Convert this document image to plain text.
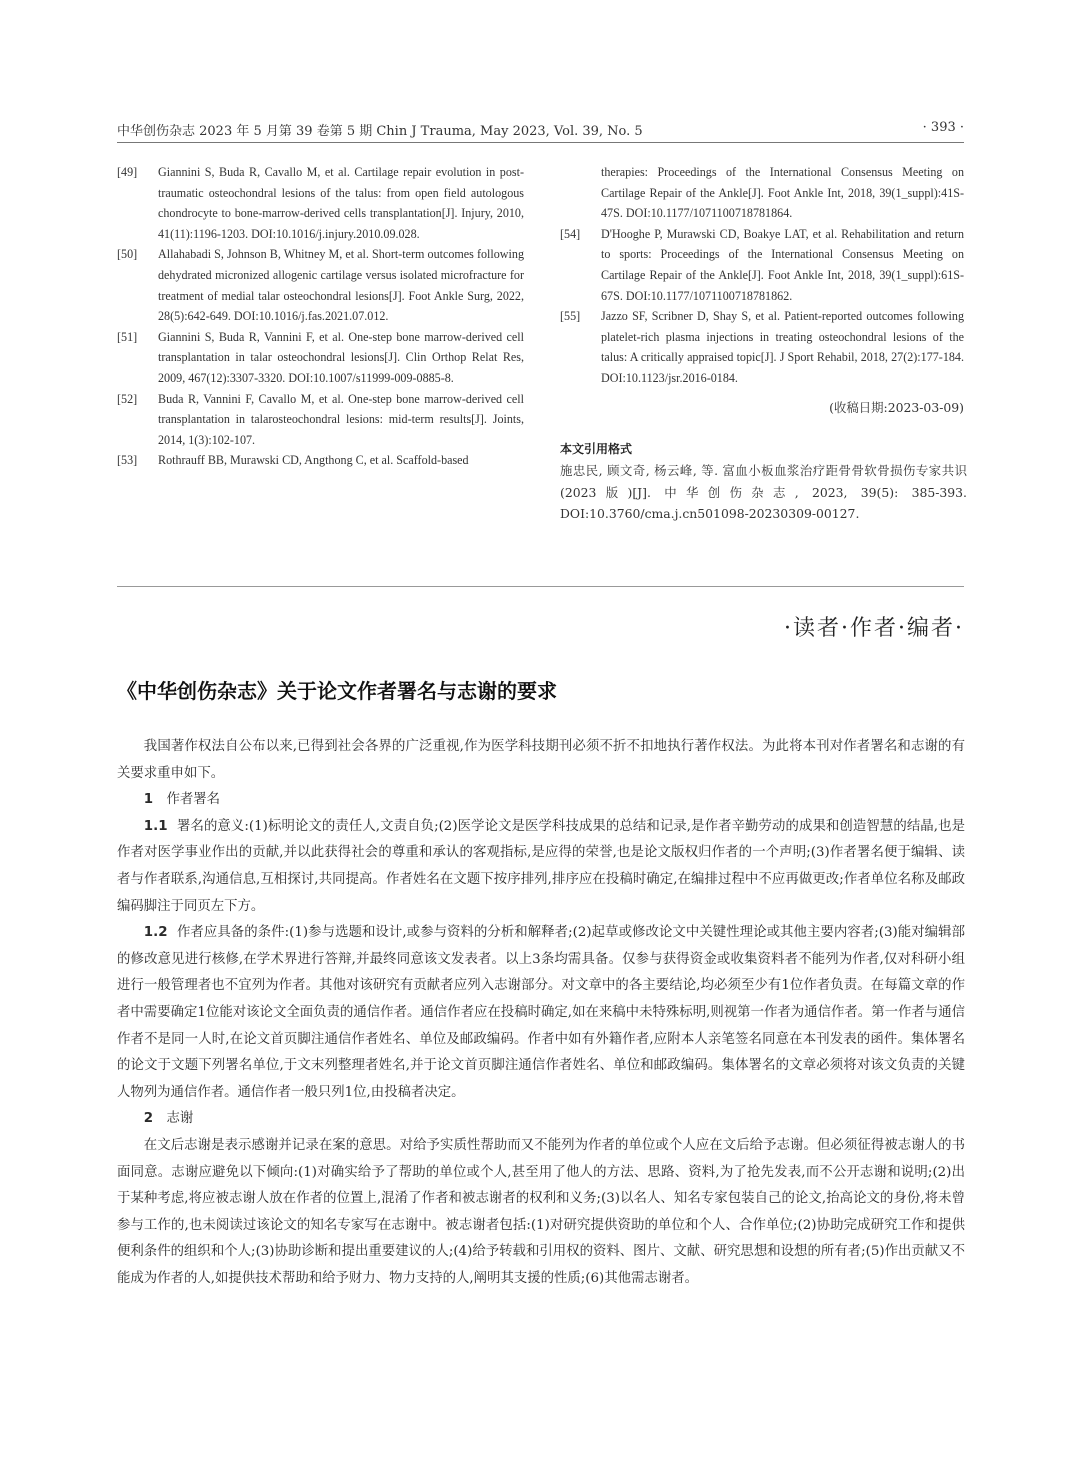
中华创伤杂志 2023 年 5 月第 39 卷第 5 期 Chin J Trauma, May 2023, Vol. 39, No. 5	· 393 ·
[49] Giannini S, Buda R, Cavallo M, et al. Cartilage repair evolution in post-traumatic osteochondral lesions of the talus: from open field autologous chondrocyte to bone-marrow-derived cells transplantation[J]. Injury, 2010, 41(11):1196-1203. DOI:10.1016/j.injury.2010.09.028.
[50] Allahabadi S, Johnson B, Whitney M, et al. Short-term outcomes following dehydrated micronized allogenic cartilage versus isolated microfracture for treatment of medial talar osteochondral lesions[J]. Foot Ankle Surg, 2022, 28(5):642-649. DOI:10.1016/j.fas.2021.07.012.
[51] Giannini S, Buda R, Vannini F, et al. One-step bone marrow-derived cell transplantation in talar osteochondral lesions[J]. Clin Orthop Relat Res, 2009, 467(12):3307-3320. DOI:10.1007/s11999-009-0885-8.
[52] Buda R, Vannini F, Cavallo M, et al. One-step bone marrow-derived cell transplantation in talarosteochondral lesions: mid-term results[J]. Joints, 2014, 1(3):102-107.
[53] Rothrauff BB, Murawski CD, Angthong C, et al. Scaffold-based
therapies: Proceedings of the International Consensus Meeting on Cartilage Repair of the Ankle[J]. Foot Ankle Int, 2018, 39(1_suppl):41S-47S. DOI:10.1177/1071100718781864.
[54] D'Hooghe P, Murawski CD, Boakye LAT, et al. Rehabilitation and return to sports: Proceedings of the International Consensus Meeting on Cartilage Repair of the Ankle[J]. Foot Ankle Int, 2018, 39(1_suppl):61S-67S. DOI:10.1177/1071100718781862.
[55] Jazzo SF, Scribner D, Shay S, et al. Patient-reported outcomes following platelet-rich plasma injections in treating osteochondral lesions of the talus: A critically appraised topic[J]. J Sport Rehabil, 2018, 27(2):177-184. DOI:10.1123/jsr.2016-0184.
(收稿日期:2023-03-09)
本文引用格式
施忠民, 顾文奇, 杨云峰, 等. 富血小板血浆治疗距骨骨软骨损伤专家共识(2023版)[J]. 中华创伤杂志, 2023, 39(5): 385-393. DOI:10.3760/cma.j.cn501098-20230309-00127.
·读者·作者·编者·
《中华创伤杂志》关于论文作者署名与志谢的要求

我国著作权法自公布以来,已得到社会各界的广泛重视,作为医学科技期刊必须不折不扣地执行著作权法。为此将本刊对作者署名和志谢的有关要求重申如下。

1 作者署名

1.1 署名的意义:(1)标明论文的责任人,文责自负;(2)医学论文是医学科技成果的总结和记录,是作者辛勤劳动的成果和创造智慧的结晶,也是作者对医学事业作出的贡献,并以此获得社会的尊重和承认的客观指标,是应得的荣誉,也是论文版权归作者的一个声明;(3)作者署名便于编辑、读者与作者联系,沟通信息,互相探讨,共同提高。作者姓名在文题下按序排列,排序应在投稿时确定,在编排过程中不应再做更改;作者单位名称及邮政编码脚注于同页左下方。

1.2 作者应具备的条件:(1)参与选题和设计,或参与资料的分析和解释者;(2)起草或修改论文中关键性理论或其他主要内容者;(3)能对编辑部的修改意见进行核修,在学术界进行答辩,并最终同意该文发表者。以上3条均需具备。仅参与获得资金或收集资料者不能列为作者,仅对科研小组进行一般管理者也不宜列为作者。其他对该研究有贡献者应列入志谢部分。对文章中的各主要结论,均必须至少有1位作者负责。在每篇文章的作者中需要确定1位能对该论文全面负责的通信作者。通信作者应在投稿时确定,如在来稿中未特殊标明,则视第一作者为通信作者。第一作者与通信作者不是同一人时,在论文首页脚注通信作者姓名、单位及邮政编码。作者中如有外籍作者,应附本人亲笔签名同意在本刊发表的函件。集体署名的论文于文题下列署名单位,于文末列整理者姓名,并于论文首页脚注通信作者姓名、单位和邮政编码。集体署名的文章必须将对该文负责的关键人物列为通信作者。通信作者一般只列1位,由投稿者决定。

2 志谢

在文后志谢是表示感谢并记录在案的意思。对给予实质性帮助而又不能列为作者的单位或个人应在文后给予志谢。但必须征得被志谢人的书面同意。志谢应避免以下倾向:(1)对确实给予了帮助的单位或个人,甚至用了他人的方法、思路、资料,为了抢先发表,而不公开志谢和说明;(2)出于某种考虑,将应被志谢人放在作者的位置上,混淆了作者和被志谢者的权利和义务;(3)以名人、知名专家包装自己的论文,抬高论文的身份,将未曾参与工作的,也未阅读过该论文的知名专家写在志谢中。被志谢者包括:(1)对研究提供资助的单位和个人、合作单位;(2)协助完成研究工作和提供便利条件的组织和个人;(3)协助诊断和提出重要建议的人;(4)给予转载和引用权的资料、图片、文献、研究思想和设想的所有者;(5)作出贡献又不能成为作者的人,如提供技术帮助和给予财力、物力支持的人,阐明其支援的性质;(6)其他需志谢者。
